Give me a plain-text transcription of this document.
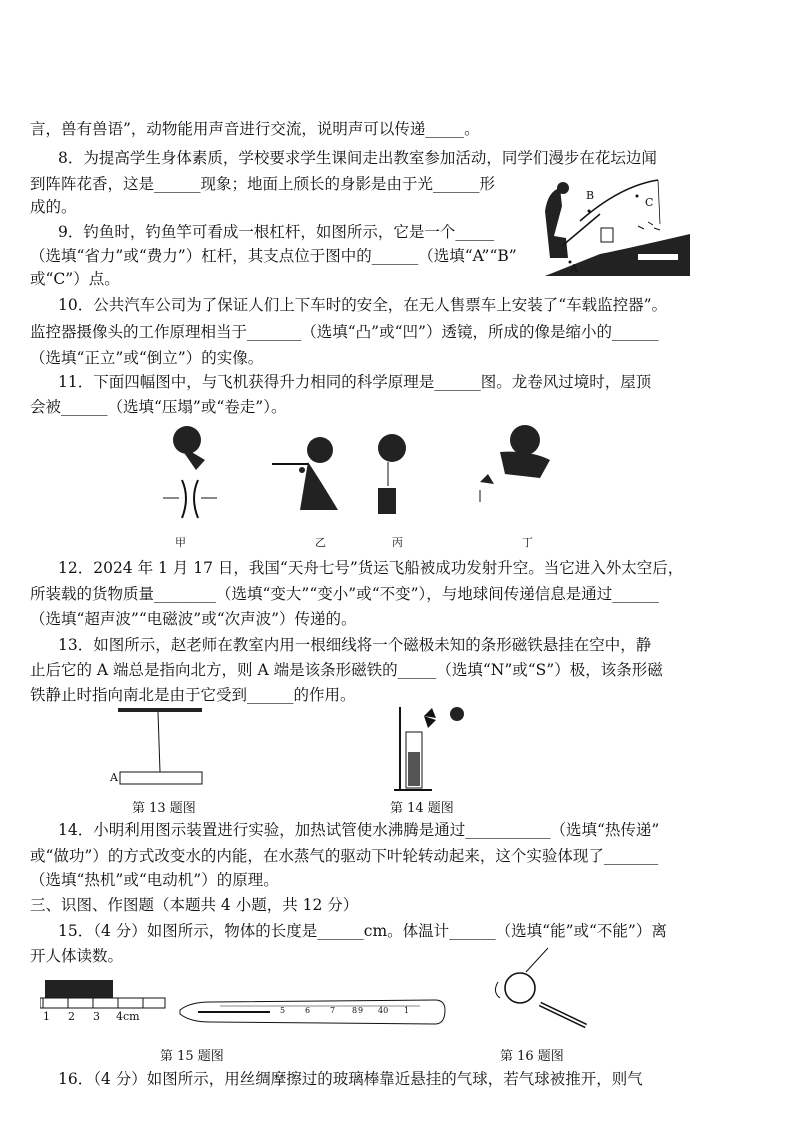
言，兽有兽语”，动物能用声音进行交流，说明声可以传递_____。
8．为提高学生身体素质，学校要求学生课间走出教室参加活动，同学们漫步在花坛边闻
到阵阵花香，这是______现象；地面上颀长的身影是由于光______形
成的。
9．钓鱼时，钓鱼竿可看成一根杠杆，如图所示，它是一个_____
（选填“省力”或“费力”）杠杆，其支点位于图中的______（选填“A”“B”
或“C”）点。
10．公共汽车公司为了保证人们上下车时的安全，在无人售票车上安装了“车载监控器”。
监控器摄像头的工作原理相当于_______（选填“凸”或“凹”）透镜，所成的像是缩小的______
（选填“正立”或“倒立”）的实像。
11．下面四幅图中，与飞机获得升力相同的科学原理是______图。龙卷风过境时，屋顶
会被______（选填“压塌”或“卷走”）。
12．2024 年 1 月 17 日，我国“天舟七号”货运飞船被成功发射升空。当它进入外太空后，
所装载的货物质量________（选填“变大”“变小”或“不变”），与地球间传递信息是通过______
（选填“超声波”“电磁波”或“次声波”）传递的。
13．如图所示，赵老师在教室内用一根细线将一个磁极未知的条形磁铁悬挂在空中，静
止后它的 A 端总是指向北方，则 A 端是该条形磁铁的_____（选填“N”或“S”）极，该条形磁
铁静止时指向南北是由于它受到______的作用。
14．小明利用图示装置进行实验，加热试管使水沸腾是通过___________（选填“热传递”
或“做功”）的方式改变水的内能，在水蒸气的驱动下叶轮转动起来，这个实验体现了_______
（选填“热机”或“电动机”）的原理。
三、识图、作图题（本题共 4 小题，共 12 分）
15．（4 分）如图所示，物体的长度是______cm。体温计______（选填“能”或“不能”）离
开人体读数。
16．（4 分）如图所示，用丝绸摩擦过的玻璃棒靠近悬挂的气球，若气球被推开，则气
B
C
A
甲	乙	丙	丁
A
第 13 题图	第 14 题图
1 2 3 4cm	5 6 7 8 9 40 1
第 15 题图	第 16 题图
